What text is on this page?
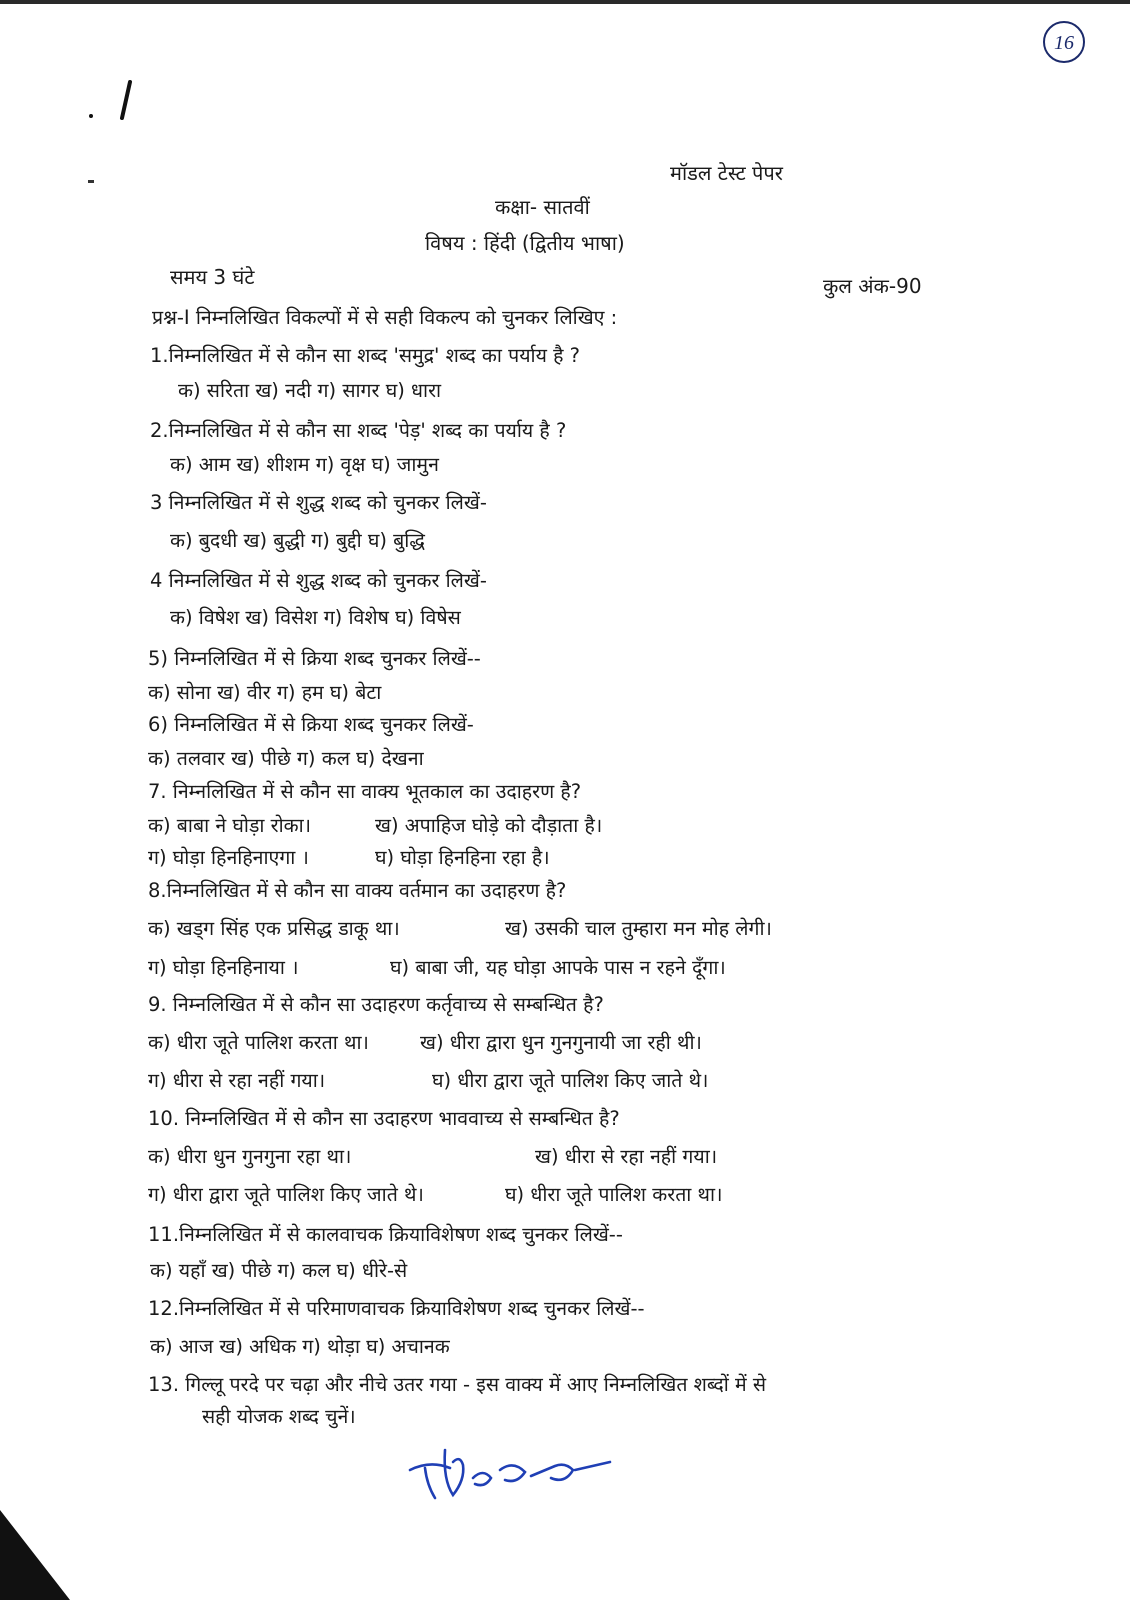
16
मॉडल टेस्ट पेपर
कक्षा- सातवीं
विषय : हिंदी (द्वितीय भाषा)
समय 3 घंटे	कुल अंक-90
प्रश्न-I निम्नलिखित विकल्पों में से सही विकल्प को चुनकर लिखिए :
1.निम्नलिखित में से कौन सा शब्द 'समुद्र' शब्द का पर्याय है ?
क) सरिता ख) नदी ग) सागर घ) धारा
2.निम्नलिखित में से कौन सा शब्द 'पेड़' शब्द का पर्याय है ?
क) आम ख) शीशम ग) वृक्ष घ) जामुन
3 निम्नलिखित में से शुद्ध शब्द को चुनकर लिखें-
क) बुदधी ख) बुद्धी ग) बुद्दी घ) बुद्धि
4 निम्नलिखित में से शुद्ध शब्द को चुनकर लिखें-
क) विषेश ख) विसेश ग) विशेष घ) विषेस
5) निम्नलिखित में से क्रिया शब्द चुनकर लिखें--
क) सोना ख) वीर ग) हम घ) बेटा
6) निम्नलिखित में से क्रिया शब्द चुनकर लिखें-
क) तलवार ख) पीछे ग) कल घ) देखना
7. निम्नलिखित में से कौन सा वाक्य भूतकाल का उदाहरण है?
क) बाबा ने घोड़ा रोका।	ख) अपाहिज घोड़े को दौड़ाता है।
ग) घोड़ा हिनहिनाएगा ।	घ) घोड़ा हिनहिना रहा है।
8.निम्नलिखित में से कौन सा वाक्य वर्तमान का उदाहरण है?
क) खड्ग सिंह एक प्रसिद्ध डाकू था।	ख) उसकी चाल तुम्हारा मन मोह लेगी।
ग) घोड़ा हिनहिनाया ।	घ) बाबा जी, यह घोड़ा आपके पास न रहने दूँगा।
9. निम्नलिखित में से कौन सा उदाहरण कर्तृवाच्य से सम्बन्धित है?
क) धीरा जूते पालिश करता था।	ख) धीरा द्वारा धुन गुनगुनायी जा रही थी।
ग) धीरा से रहा नहीं गया।	घ) धीरा द्वारा जूते पालिश किए जाते थे।
10. निम्नलिखित में से कौन सा उदाहरण भाववाच्य से सम्बन्धित है?
क) धीरा धुन गुनगुना रहा था।	ख) धीरा से रहा नहीं गया।
ग) धीरा द्वारा जूते पालिश किए जाते थे।	घ) धीरा जूते पालिश करता था।
11.निम्नलिखित में से कालवाचक क्रियाविशेषण शब्द चुनकर लिखें--
क) यहाँ ख) पीछे ग) कल घ) धीरे-से
12.निम्नलिखित में से परिमाणवाचक क्रियाविशेषण शब्द चुनकर लिखें--
क) आज ख) अधिक ग) थोड़ा घ) अचानक
13. गिल्लू परदे पर चढ़ा और नीचे उतर गया - इस वाक्य में आए निम्नलिखित शब्दों में से
सही योजक शब्द चुनें।
